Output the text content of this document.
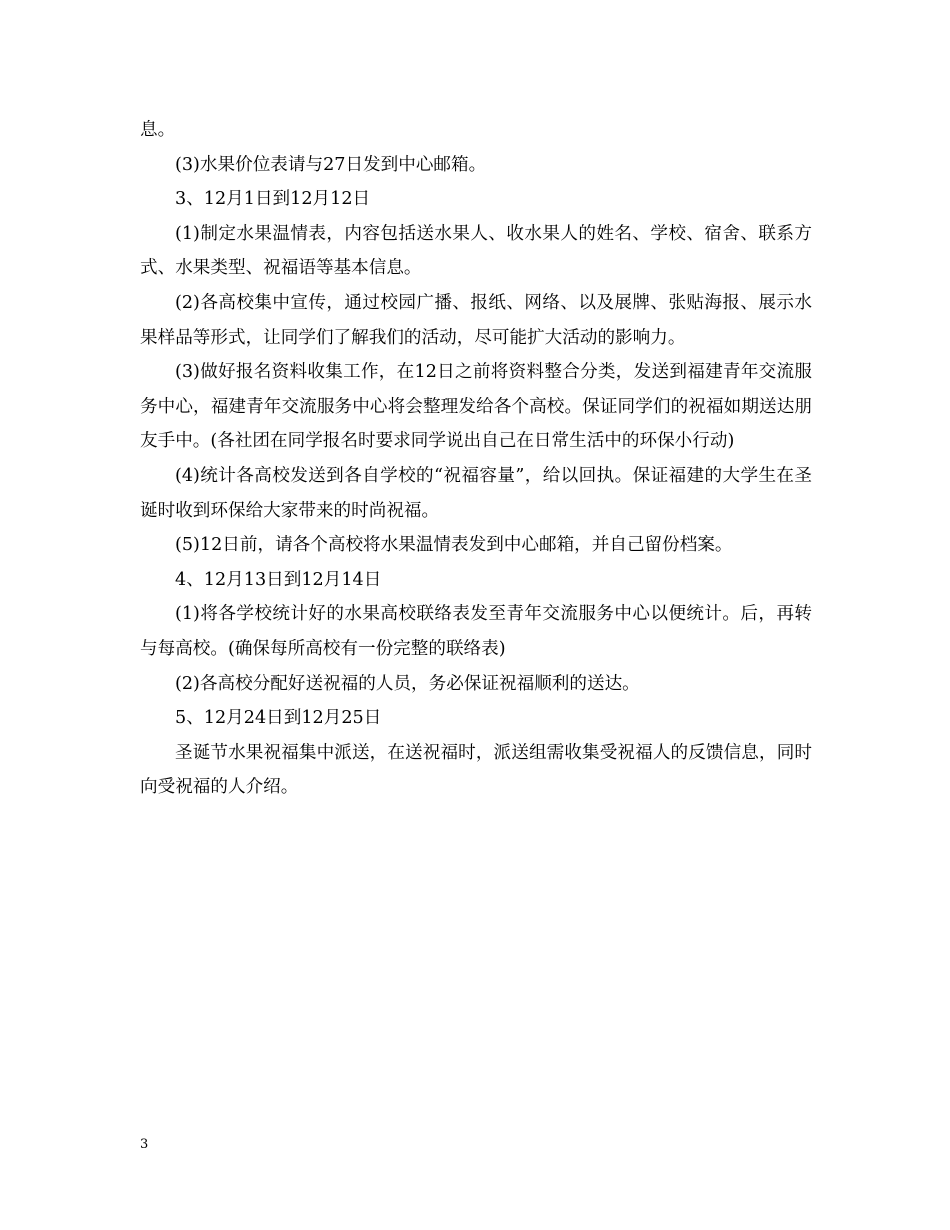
息。

(3)水果价位表请与27日发到中心邮箱。

3、12月1日到12月12日

(1)制定水果温情表，内容包括送水果人、收水果人的姓名、学校、宿舍、联系方式、水果类型、祝福语等基本信息。

(2)各高校集中宣传，通过校园广播、报纸、网络、以及展牌、张贴海报、展示水果样品等形式，让同学们了解我们的活动，尽可能扩大活动的影响力。

(3)做好报名资料收集工作，在12日之前将资料整合分类，发送到福建青年交流服务中心，福建青年交流服务中心将会整理发给各个高校。保证同学们的祝福如期送达朋友手中。(各社团在同学报名时要求同学说出自己在日常生活中的环保小行动)

(4)统计各高校发送到各自学校的“祝福容量”，给以回执。保证福建的大学生在圣诞时收到环保给大家带来的时尚祝福。

(5)12日前，请各个高校将水果温情表发到中心邮箱，并自己留份档案。

4、12月13日到12月14日

(1)将各学校统计好的水果高校联络表发至青年交流服务中心以便统计。后，再转与每高校。(确保每所高校有一份完整的联络表)

(2)各高校分配好送祝福的人员，务必保证祝福顺利的送达。

5、12月24日到12月25日

圣诞节水果祝福集中派送，在送祝福时，派送组需收集受祝福人的反馈信息，同时向受祝福的人介绍。

3
